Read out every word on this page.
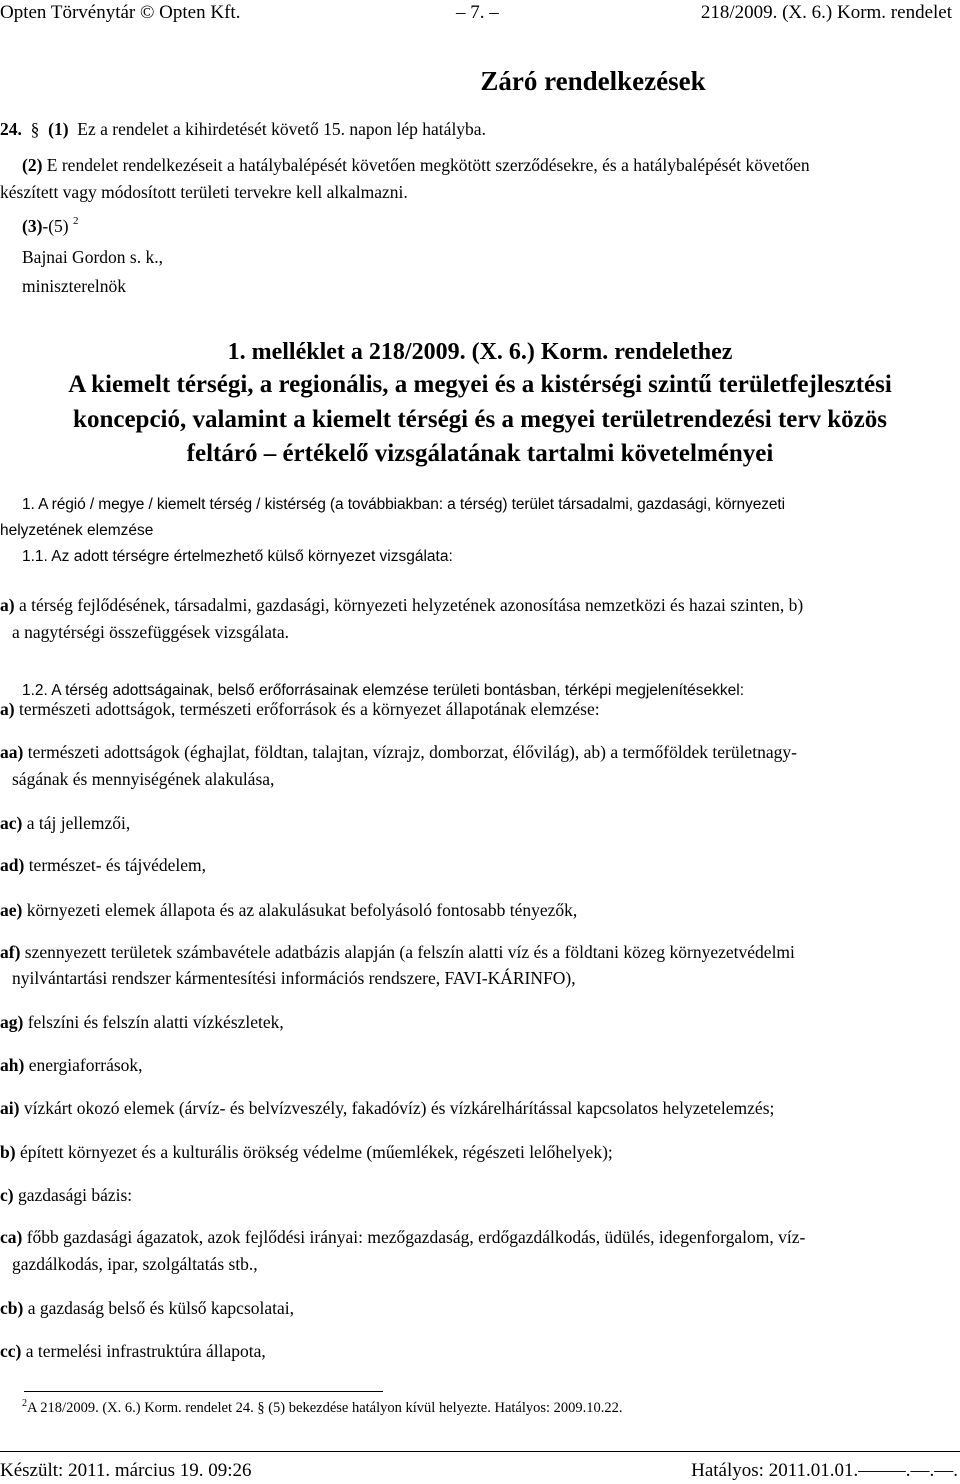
Opten Törvénytár © Opten Kft.	– 7. –	218/2009. (X. 6.) Korm. rendelet
Záró rendelkezések
24. § (1) Ez a rendelet a kihirdetését követő 15. napon lép hatályba.
(2) E rendelet rendelkezéseit a hatálybalépését követően megkötött szerződésekre, és a hatálybalépését követően
készített vagy módosított területi tervekre kell alkalmazni.
(3)-(5) $^2$
Bajnai Gordon s. k.,
miniszterelnök
1. melléklet a 218/2009. (X. 6.) Korm. rendelethez
A kiemelt térségi, a regionális, a megyei és a kistérségi szintű területfejlesztési
koncepció, valamint a kiemelt térségi és a megyei területrendezési terv közös
feltáró – értékelő vizsgálatának tartalmi követelményei
1. A régió / megye / kiemelt térség / kistérség (a továbbiakban: a térség) terület társadalmi, gazdasági, környezeti
helyzetének elemzése
1.1. Az adott térségre értelmezhető külső környezet vizsgálata:
a) a térség fejlődésének, társadalmi, gazdasági, környezeti helyzetének azonosítása nemzetközi és hazai szinten, b)
a nagytérségi összefüggések vizsgálata.
1.2. A térség adottságainak, belső erőforrásainak elemzése területi bontásban, térképi megjelenítésekkel:
a) természeti adottságok, természeti erőforrások és a környezet állapotának elemzése:
aa) természeti adottságok (éghajlat, földtan, talajtan, vízrajz, domborzat, élővilág), ab) a termőföldek területnagy-
ságának és mennyiségének alakulása,
ac) a táj jellemzői,
ad) természet- és tájvédelem,
ae) környezeti elemek állapota és az alakulásukat befolyásoló fontosabb tényezők,
af) szennyezett területek számbavétele adatbázis alapján (a felszín alatti víz és a földtani közeg környezetvédelmi
nyilvántartási rendszer kármentesítési információs rendszere, FAVI-KÁRINFO),
ag) felszíni és felszín alatti vízkészletek,
ah) energiaforrások,
ai) vízkárt okozó elemek (árvíz- és belvízveszély, fakadóvíz) és vízkárelhárítással kapcsolatos helyzetelemzés;
b) épített környezet és a kulturális örökség védelme (műemlékek, régészeti lelőhelyek);
c) gazdasági bázis:
ca) főbb gazdasági ágazatok, azok fejlődési irányai: mezőgazdaság, erdőgazdálkodás, üdülés, idegenforgalom, víz-
gazdálkodás, ipar, szolgáltatás stb.,
cb) a gazdaság belső és külső kapcsolatai,
cc) a termelési infrastruktúra állapota,
$^2$A 218/2009. (X. 6.) Korm. rendelet 24. § (5) bekezdése hatályon kívül helyezte. Hatályos: 2009.10.22.
Készült: 2011. március 19. 09:26	Hatályos: 2011.01.01.–––––.––.––.
